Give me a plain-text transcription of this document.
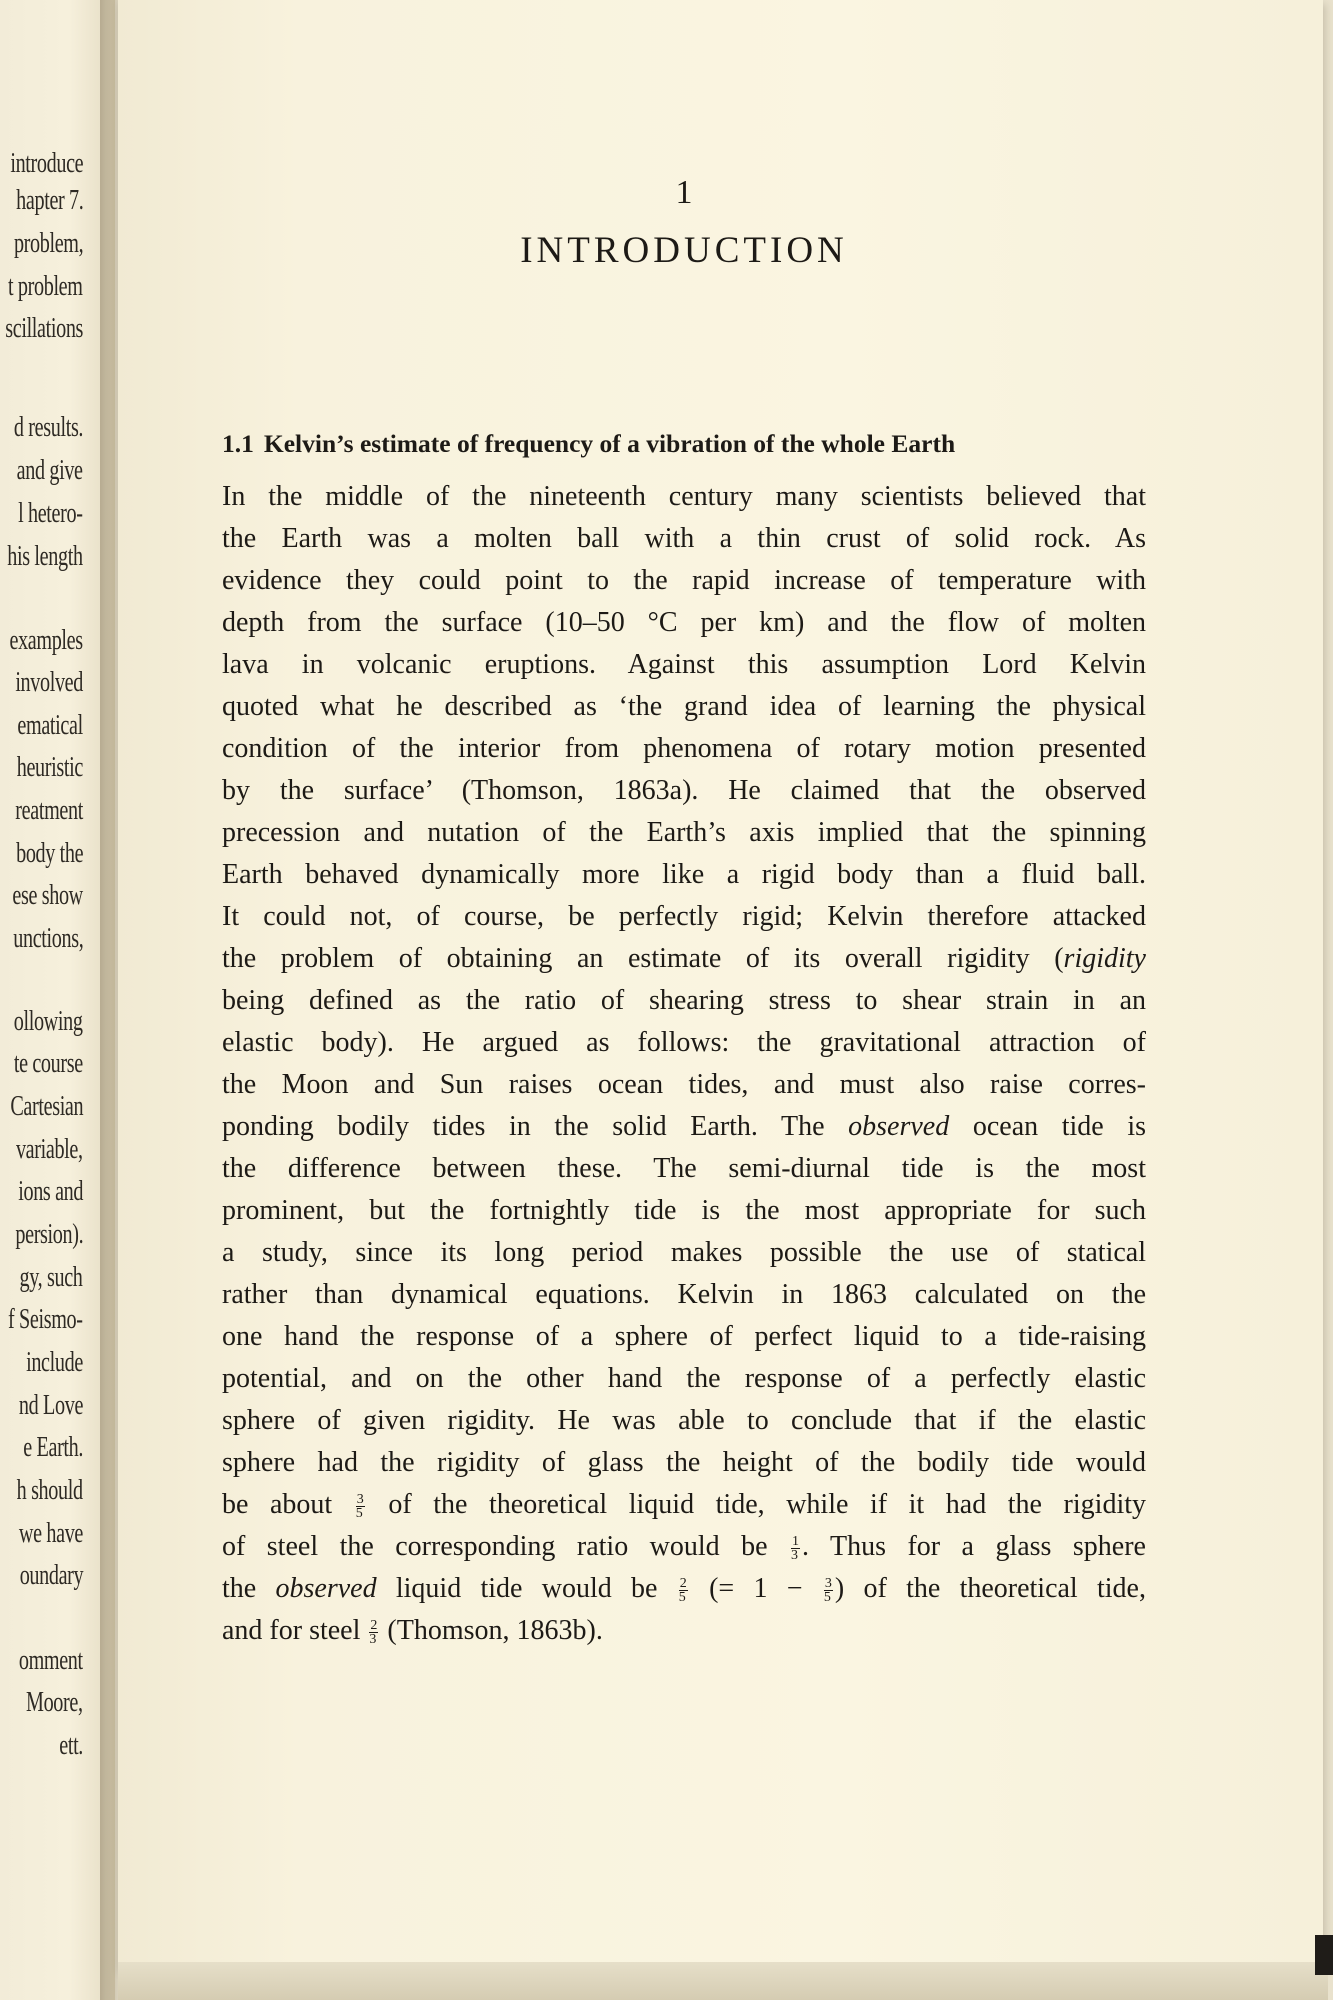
introduce
hapter 7.
problem,
t problem
scillations
d results.
and give
l hetero-
his length
examples
involved
ematical
heuristic
reatment
body the
ese show
unctions,
ollowing
te course
Cartesian
variable,
ions and
persion).
gy, such
f Seismo-
include
nd Love
e Earth.
h should
we have
oundary
omment
Moore,
ett.
1
INTRODUCTION
1.1 Kelvin’s estimate of frequency of a vibration of the whole Earth
In the middle of the nineteenth century many scientists believed that
the Earth was a molten ball with a thin crust of solid rock. As
evidence they could point to the rapid increase of temperature with
depth from the surface (10–50 °C per km) and the flow of molten
lava in volcanic eruptions. Against this assumption Lord Kelvin
quoted what he described as ‘the grand idea of learning the physical
condition of the interior from phenomena of rotary motion presented
by the surface’ (Thomson, 1863a). He claimed that the observed
precession and nutation of the Earth’s axis implied that the spinning
Earth behaved dynamically more like a rigid body than a fluid ball.
It could not, of course, be perfectly rigid; Kelvin therefore attacked
the problem of obtaining an estimate of its overall rigidity (rigidity
being defined as the ratio of shearing stress to shear strain in an
elastic body). He argued as follows: the gravitational attraction of
the Moon and Sun raises ocean tides, and must also raise corres-
ponding bodily tides in the solid Earth. The observed ocean tide is
the difference between these. The semi-diurnal tide is the most
prominent, but the fortnightly tide is the most appropriate for such
a study, since its long period makes possible the use of statical
rather than dynamical equations. Kelvin in 1863 calculated on the
one hand the response of a sphere of perfect liquid to a tide-raising
potential, and on the other hand the response of a perfectly elastic
sphere of given rigidity. He was able to conclude that if the elastic
sphere had the rigidity of glass the height of the bodily tide would
be about $\frac{3}{5}$ of the theoretical liquid tide, while if it had the rigidity
of steel the corresponding ratio would be $\frac{1}{3}$ . Thus for a glass sphere
the observed liquid tide would be $\frac{2}{5}$ (= $1 - \frac{3}{5}$ ) of the theoretical tide,
and for steel $\frac{2}{3}$ (Thomson, 1863b).
